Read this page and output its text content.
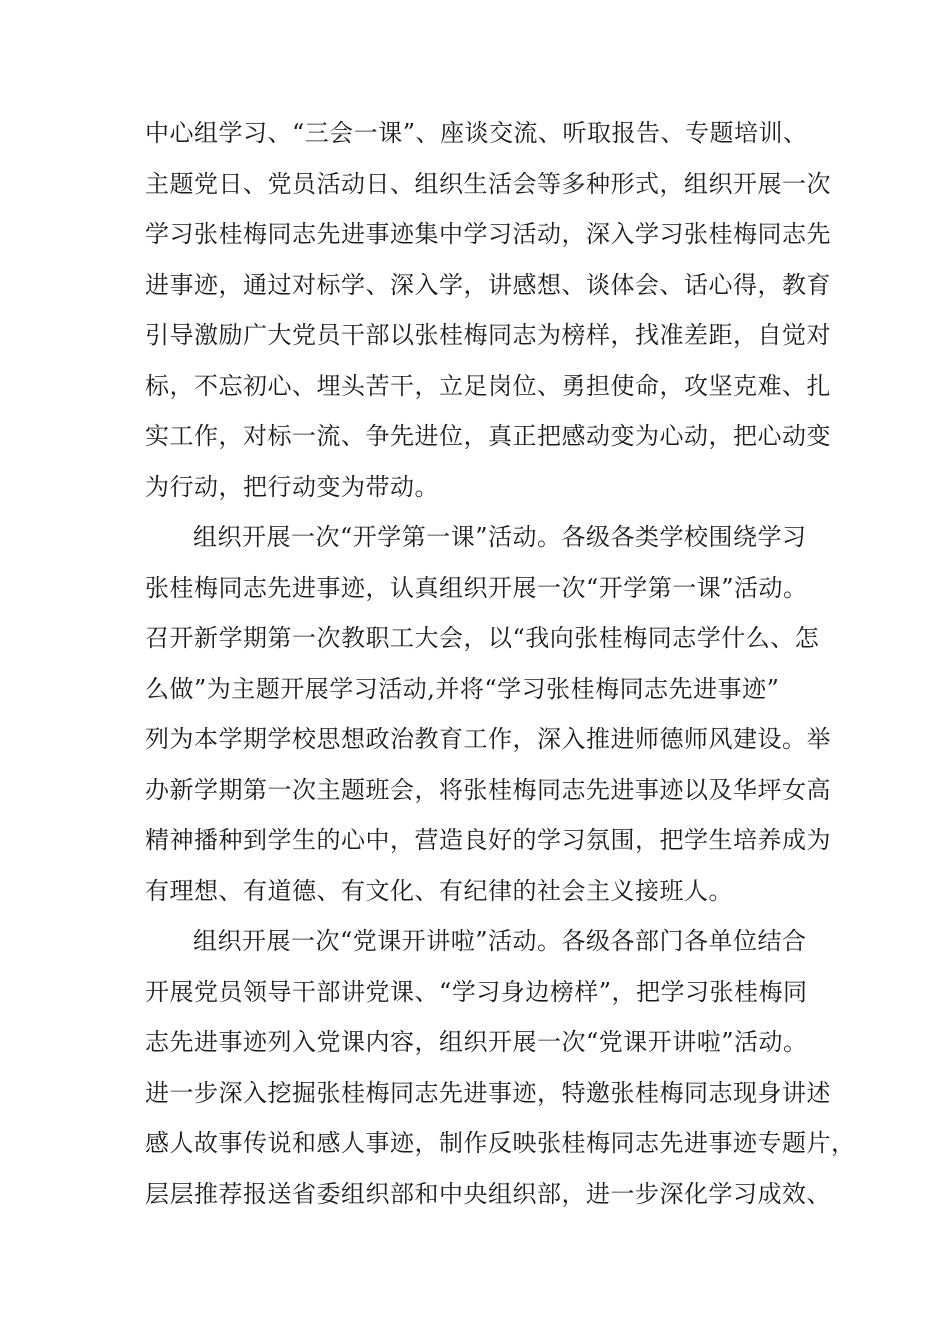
中心组学习、“三会一课”、座谈交流、听取报告、专题培训、
主题党日、党员活动日、组织生活会等多种形式，组织开展一次
学习张桂梅同志先进事迹集中学习活动，深入学习张桂梅同志先
进事迹，通过对标学、深入学，讲感想、谈体会、话心得，教育
引导激励广大党员干部以张桂梅同志为榜样，找准差距，自觉对
标，不忘初心、埋头苦干，立足岗位、勇担使命，攻坚克难、扎
实工作，对标一流、争先进位，真正把感动变为心动，把心动变
为行动，把行动变为带动。
组织开展一次“开学第一课”活动。各级各类学校围绕学习
张桂梅同志先进事迹，认真组织开展一次“开学第一课”活动。
召开新学期第一次教职工大会，以“我向张桂梅同志学什么、怎
么做”为主题开展学习活动,并将“学习张桂梅同志先进事迹”
列为本学期学校思想政治教育工作，深入推进师德师风建设。举
办新学期第一次主题班会，将张桂梅同志先进事迹以及华坪女高
精神播种到学生的心中，营造良好的学习氛围，把学生培养成为
有理想、有道德、有文化、有纪律的社会主义接班人。
组织开展一次“党课开讲啦”活动。各级各部门各单位结合
开展党员领导干部讲党课、“学习身边榜样”，把学习张桂梅同
志先进事迹列入党课内容，组织开展一次“党课开讲啦”活动。
进一步深入挖掘张桂梅同志先进事迹，特邀张桂梅同志现身讲述
感人故事传说和感人事迹，制作反映张桂梅同志先进事迹专题片，
层层推荐报送省委组织部和中央组织部，进一步深化学习成效、
